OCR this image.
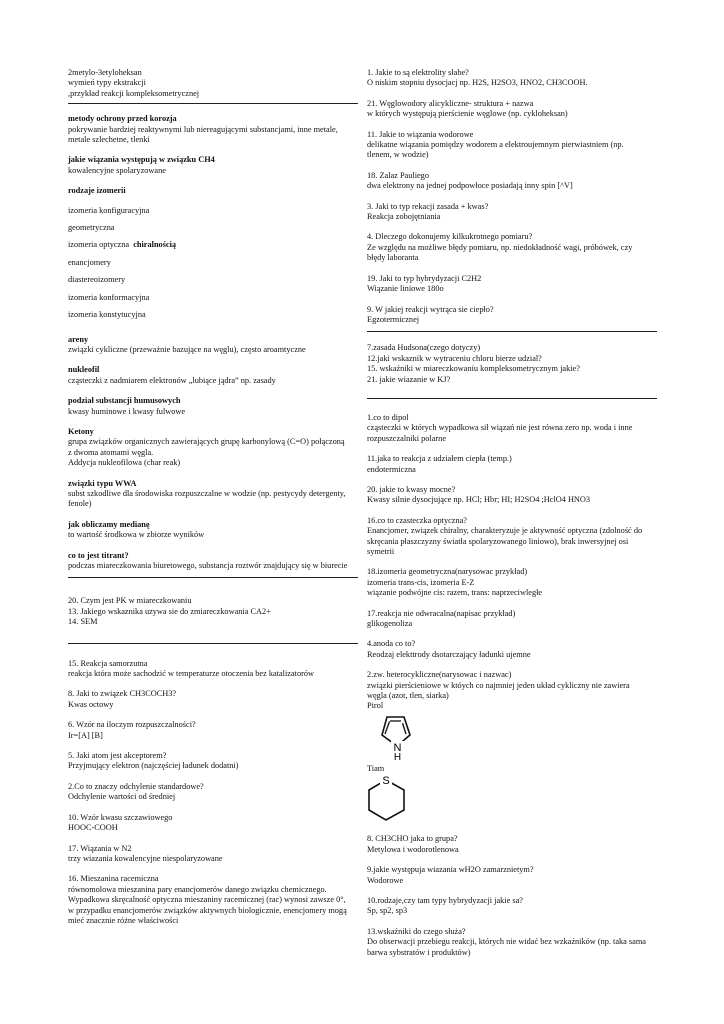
2metylo-3etyloheksan
wymień typy ekstrakcji
,przykład reakcji kompleksometrycznej
metody ochrony przed korozja
pokrywanie bardziej reaktywnymi lub niereagującymi substancjami, inne metale,
metale szlechetne, tlenki
jakie wiązania występują w związku CH4
kowalencyjne spolaryzowane
rodzaje izomerii
izomeria konfiguracyjna
geometryczna
izomeria optyczna chiralnością
enancjomery
diastereoizomery
izomeria konformacyjna
izomeria konstytucyjna
areny
związki cykliczne (przeważnie bazujące na węglu), często aroamtyczne
nukleofil
cząsteczki z nadmiarem elektronów „lubiące jądra” np. zasady
podział substancji humusowych
kwasy huminowe i kwasy fulwowe
Ketony
grupa związków organicznych zawierających grupę karbonylową (C=O) połączoną
z dwoma atomami węgla.
Addycja nukleofilowa (char reak)
związki typu WWA
subst szkodliwe dla środowiska rozpuszczalne w wodzie (np. pestycydy detergenty,
fenole)
jak obliczamy medianę
to wartość środkowa w zbiorze wyników
co to jest titrant?
podczas miareczkowania biuretowego, substancja roztwór znajdujący się w biurecie
20. Czym jest PK w miareczkowaniu
13. Jakiego wskaznika uzywa sie do zmiareczkowania CA2+
14. SEM
15. Reakcja samorzutna
reakcja która może sachodzić w temperaturze otoczenia bez katalizatorów
8. Jaki to związek CH3COCH3?
Kwas octowy
6. Wzór na iloczym rozpuszczalności?
Ir=[A] [B]
5. Jaki atom jest akceptorem?
Przyjmujący elektron (najczęściej ładunek dodatni)
2.Co to znaczy odchylenie standardowe?
Odchylenie wartości od średniej
10. Wzór kwasu szczawiowego
HOOC-COOH
17. Wiązania w N2
trzy wiazania kowalencyjne niespolaryzowane
16. Mieszanina racemiczna
równomolowa mieszanina pary enancjomerów danego związku chemicznego.
Wypadkowa skręcalność optyczna mieszaniny racemicznej (rac) wynosi zawsze 0°,
w przypadku enancjomerów związków aktywnych biologicznie, enencjomery mogą
mieć znacznie różne właściwości
1. Jakie to są elektrolity słabe?
O niskim stopniu dysocjacj np. H2S, H2SO3, HNO2, CH3COOH.
21. Węglowodory alicykliczne- struktura + nazwa
w których występują pierścienie węglowe (np. cykloheksan)
11. Jakie to wiązania wodorowe
delikatne wiązania pomiędzy wodorem a elektroujemnym pierwiastniem (np.
tlenem, w wodzie)
18. Zalaz Pauliego
dwa elektrony na jednej podpowłoce posiadają inny spin [^V]
3. Jaki to typ rekacji zasada + kwas?
Reakcja zobojętniania
4. Dleczego dokonujemy kilkukrotnego pomiaru?
Ze względu na możliwe błędy pomiaru, np. niedokładność wagi, próbówek, czy
błędy laboranta
19. Jaki to typ hybrydyzacji C2H2
Wiązanie liniowe 180o
9. W jakiej reakcji wytrąca sie ciepło?
Egzotermicznej
7.zasada Hudsona(czego dotyczy)
12.jaki wskaznik w wytraceniu chloru bierze udzial?
15. wskaźniki w miareczkowaniu kompleksometrycznym jakie?
21. jakie wiazanie w KJ?
1.co to dipol
cząsteczki w których wypadkowa sił wiązań nie jest równa zero np. woda i inne
rozpuszczalniki polarne
11.jaka to reakcja z udziałem ciepła (temp.)
endotermiczna
20. jakie to kwasy mocne?
Kwasy silnie dysocjujące np. HCl; Hbr; HI; H2SO4 ;HclO4 HNO3
16.co to czasteczka optyczna?
Enancjomer, związek chiralny, charakteryzuje je aktywność optyczna (zdolność do
skręcania płaszczyzny światła spolaryzowanego liniowo), brak inwersyjnej osi
symetrii
18.izomeria geometryczna(narysowac przykład)
izomeria trans-cis, izomeria E-Z
wiązanie podwójne cis: razem, trans: naprzeciwległe
17.reakcja nie odwracalna(napisac przykład)
glikogenoliza
4.anoda co to?
Reodzaj elekttrody dsotarczający ładunki ujemne
2.zw. heterocykliczne(narysowac i nazwac)
związki pierścieniowe w któych co najmniej jeden układ cykliczny nie zawiera
węgla (azot, tlen, siarka)
Pirol
N
H
Tiam
S
8. CH3CHO jaka to grupa?
Metylowa i wodorotlenowa
9.jakie występuja wiazania wH2O zamarznietym?
Wodorowe
10.rodzaje,czy tam typy hybrydyzacji jakie sa?
Sp, sp2, sp3
13.wskaźniki do czego służa?
Do obserwacji przebiegu reakcji, których nie widać bez wzkaźników (np. taka sama
barwa sybstratów i produktów)
